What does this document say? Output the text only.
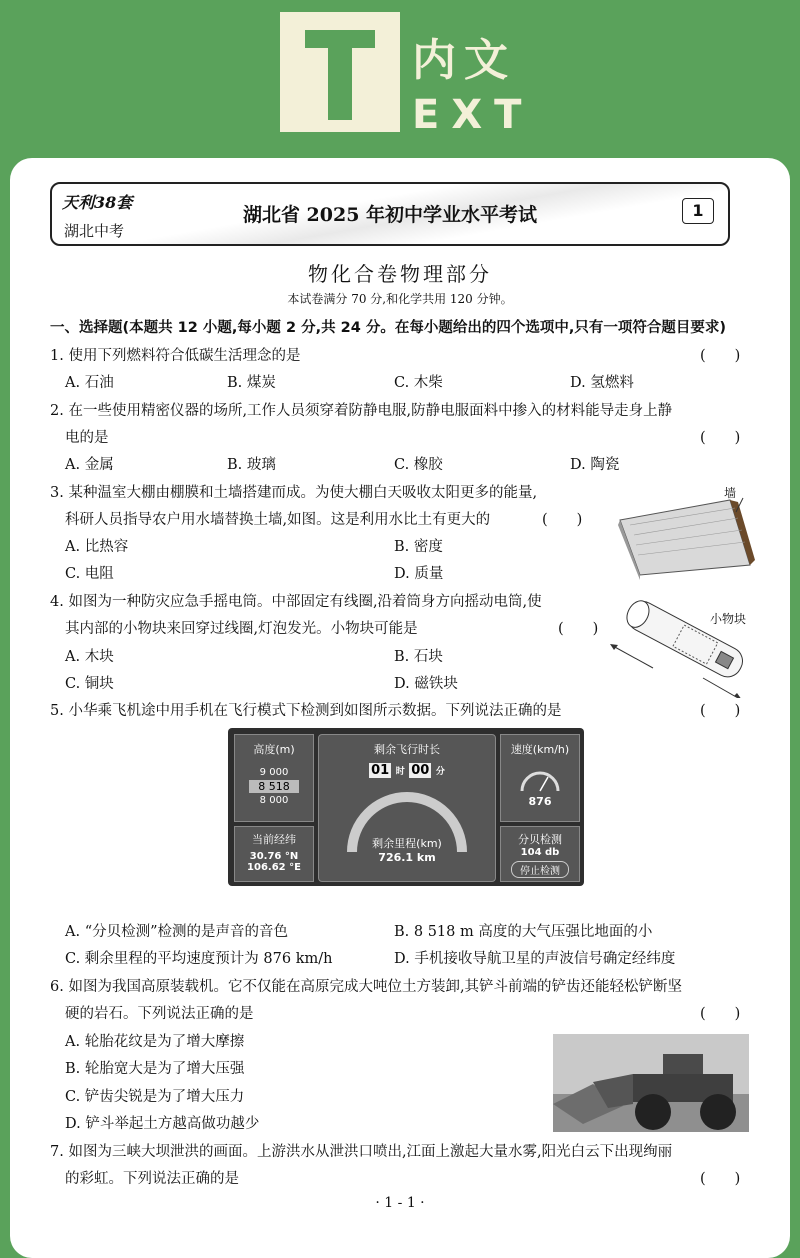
内文
EXT
天利38套
湖北中考
湖北省 2025 年初中学业水平考试	1
物化合卷物理部分
本试卷满分 70 分,和化学共用 120 分钟。
一、选择题(本题共 12 小题,每小题 2 分,共 24 分。在每小题给出的四个选项中,只有一项符合题目要求)
1. 使用下列燃料符合低碳生活理念的是	(　　)
A. 石油	B. 煤炭	C. 木柴	D. 氢燃料
2. 在一些使用精密仪器的场所,工作人员须穿着防静电服,防静电服面料中掺入的材料能导走身上静
电的是	(　　)
A. 金属	B. 玻璃	C. 橡胶	D. 陶瓷
3. 某种温室大棚由棚膜和土墙搭建而成。为使大棚白天吸收太阳更多的能量,
科研人员指导农户用水墙替换土墙,如图。这是利用水比土有更大的	(　　)
A. 比热容	B. 密度
C. 电阻	D. 质量
墙
4. 如图为一种防灾应急手摇电筒。中部固定有线圈,沿着筒身方向摇动电筒,使
其内部的小物块来回穿过线圈,灯泡发光。小物块可能是	(　　)
A. 木块	B. 石块
C. 铜块	D. 磁铁块
小物块
5. 小华乘飞机途中用手机在飞行模式下检测到如图所示数据。下列说法正确的是	(　　)
高度(m)
9 000
8 518
8 000
剩余飞行时长
01 时 00 分
剩余里程(km)
726.1 km
速度(km/h)
876
当前经纬
30.76 °N
106.62 °E
分贝检测
104 db
停止检测
A. “分贝检测”检测的是声音的音色	B. 8 518 m 高度的大气压强比地面的小
C. 剩余里程的平均速度预计为 876 km/h	D. 手机接收导航卫星的声波信号确定经纬度
6. 如图为我国高原装载机。它不仅能在高原完成大吨位土方装卸,其铲斗前端的铲齿还能轻松铲断坚
硬的岩石。下列说法正确的是	(　　)
A. 轮胎花纹是为了增大摩擦
B. 轮胎宽大是为了增大压强
C. 铲齿尖锐是为了增大压力
D. 铲斗举起土方越高做功越少
7. 如图为三峡大坝泄洪的画面。上游洪水从泄洪口喷出,江面上激起大量水雾,阳光白云下出现绚丽
的彩虹。下列说法正确的是	(　　)
· 1 - 1 ·
